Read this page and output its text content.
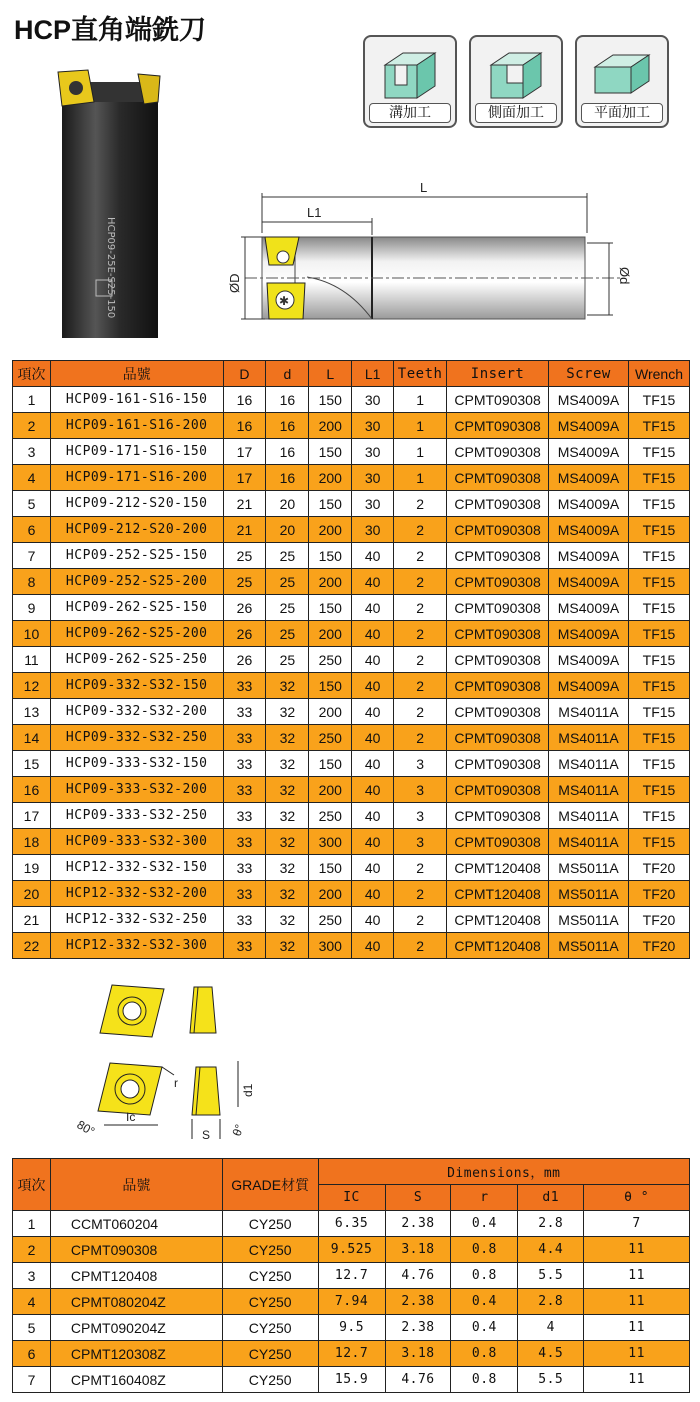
HCP直角端銑刀
HCP09-25E-S25-150
溝加工	側面加工	平面加工
L
L1
✱
ØD	Ød
項次	品號	D	d	L	L1	Teeth	Insert	Screw	Wrench
1	HCP09-161-S16-150	16	16	150	30	1	CPMT090308	MS4009A	TF15
2	HCP09-161-S16-200	16	16	200	30	1	CPMT090308	MS4009A	TF15
3	HCP09-171-S16-150	17	16	150	30	1	CPMT090308	MS4009A	TF15
4	HCP09-171-S16-200	17	16	200	30	1	CPMT090308	MS4009A	TF15
5	HCP09-212-S20-150	21	20	150	30	2	CPMT090308	MS4009A	TF15
6	HCP09-212-S20-200	21	20	200	30	2	CPMT090308	MS4009A	TF15
7	HCP09-252-S25-150	25	25	150	40	2	CPMT090308	MS4009A	TF15
8	HCP09-252-S25-200	25	25	200	40	2	CPMT090308	MS4009A	TF15
9	HCP09-262-S25-150	26	25	150	40	2	CPMT090308	MS4009A	TF15
10	HCP09-262-S25-200	26	25	200	40	2	CPMT090308	MS4009A	TF15
11	HCP09-262-S25-250	26	25	250	40	2	CPMT090308	MS4009A	TF15
12	HCP09-332-S32-150	33	32	150	40	2	CPMT090308	MS4009A	TF15
13	HCP09-332-S32-200	33	32	200	40	2	CPMT090308	MS4011A	TF15
14	HCP09-332-S32-250	33	32	250	40	2	CPMT090308	MS4011A	TF15
15	HCP09-333-S32-150	33	32	150	40	3	CPMT090308	MS4011A	TF15
16	HCP09-333-S32-200	33	32	200	40	3	CPMT090308	MS4011A	TF15
17	HCP09-333-S32-250	33	32	250	40	3	CPMT090308	MS4011A	TF15
18	HCP09-333-S32-300	33	32	300	40	3	CPMT090308	MS4011A	TF15
19	HCP12-332-S32-150	33	32	150	40	2	CPMT120408	MS5011A	TF20
20	HCP12-332-S32-200	33	32	200	40	2	CPMT120408	MS5011A	TF20
21	HCP12-332-S32-250	33	32	250	40	2	CPMT120408	MS5011A	TF20
22	HCP12-332-S32-300	33	32	300	40	2	CPMT120408	MS5011A	TF20
r
Ic
80°	S
d1
θ°
項次	品號	GRADE材質	Dimensions，mm				
			IC	S	r	d1	θ °
1	CCMT060204	CY250	6.35	2.38	0.4	2.8	7
2	CPMT090308	CY250	9.525	3.18	0.8	4.4	11
3	CPMT120408	CY250	12.7	4.76	0.8	5.5	11
4	CPMT080204Z	CY250	7.94	2.38	0.4	2.8	11
5	CPMT090204Z	CY250	9.5	2.38	0.4	4	11
6	CPMT120308Z	CY250	12.7	3.18	0.8	4.5	11
7	CPMT160408Z	CY250	15.9	4.76	0.8	5.5	11
